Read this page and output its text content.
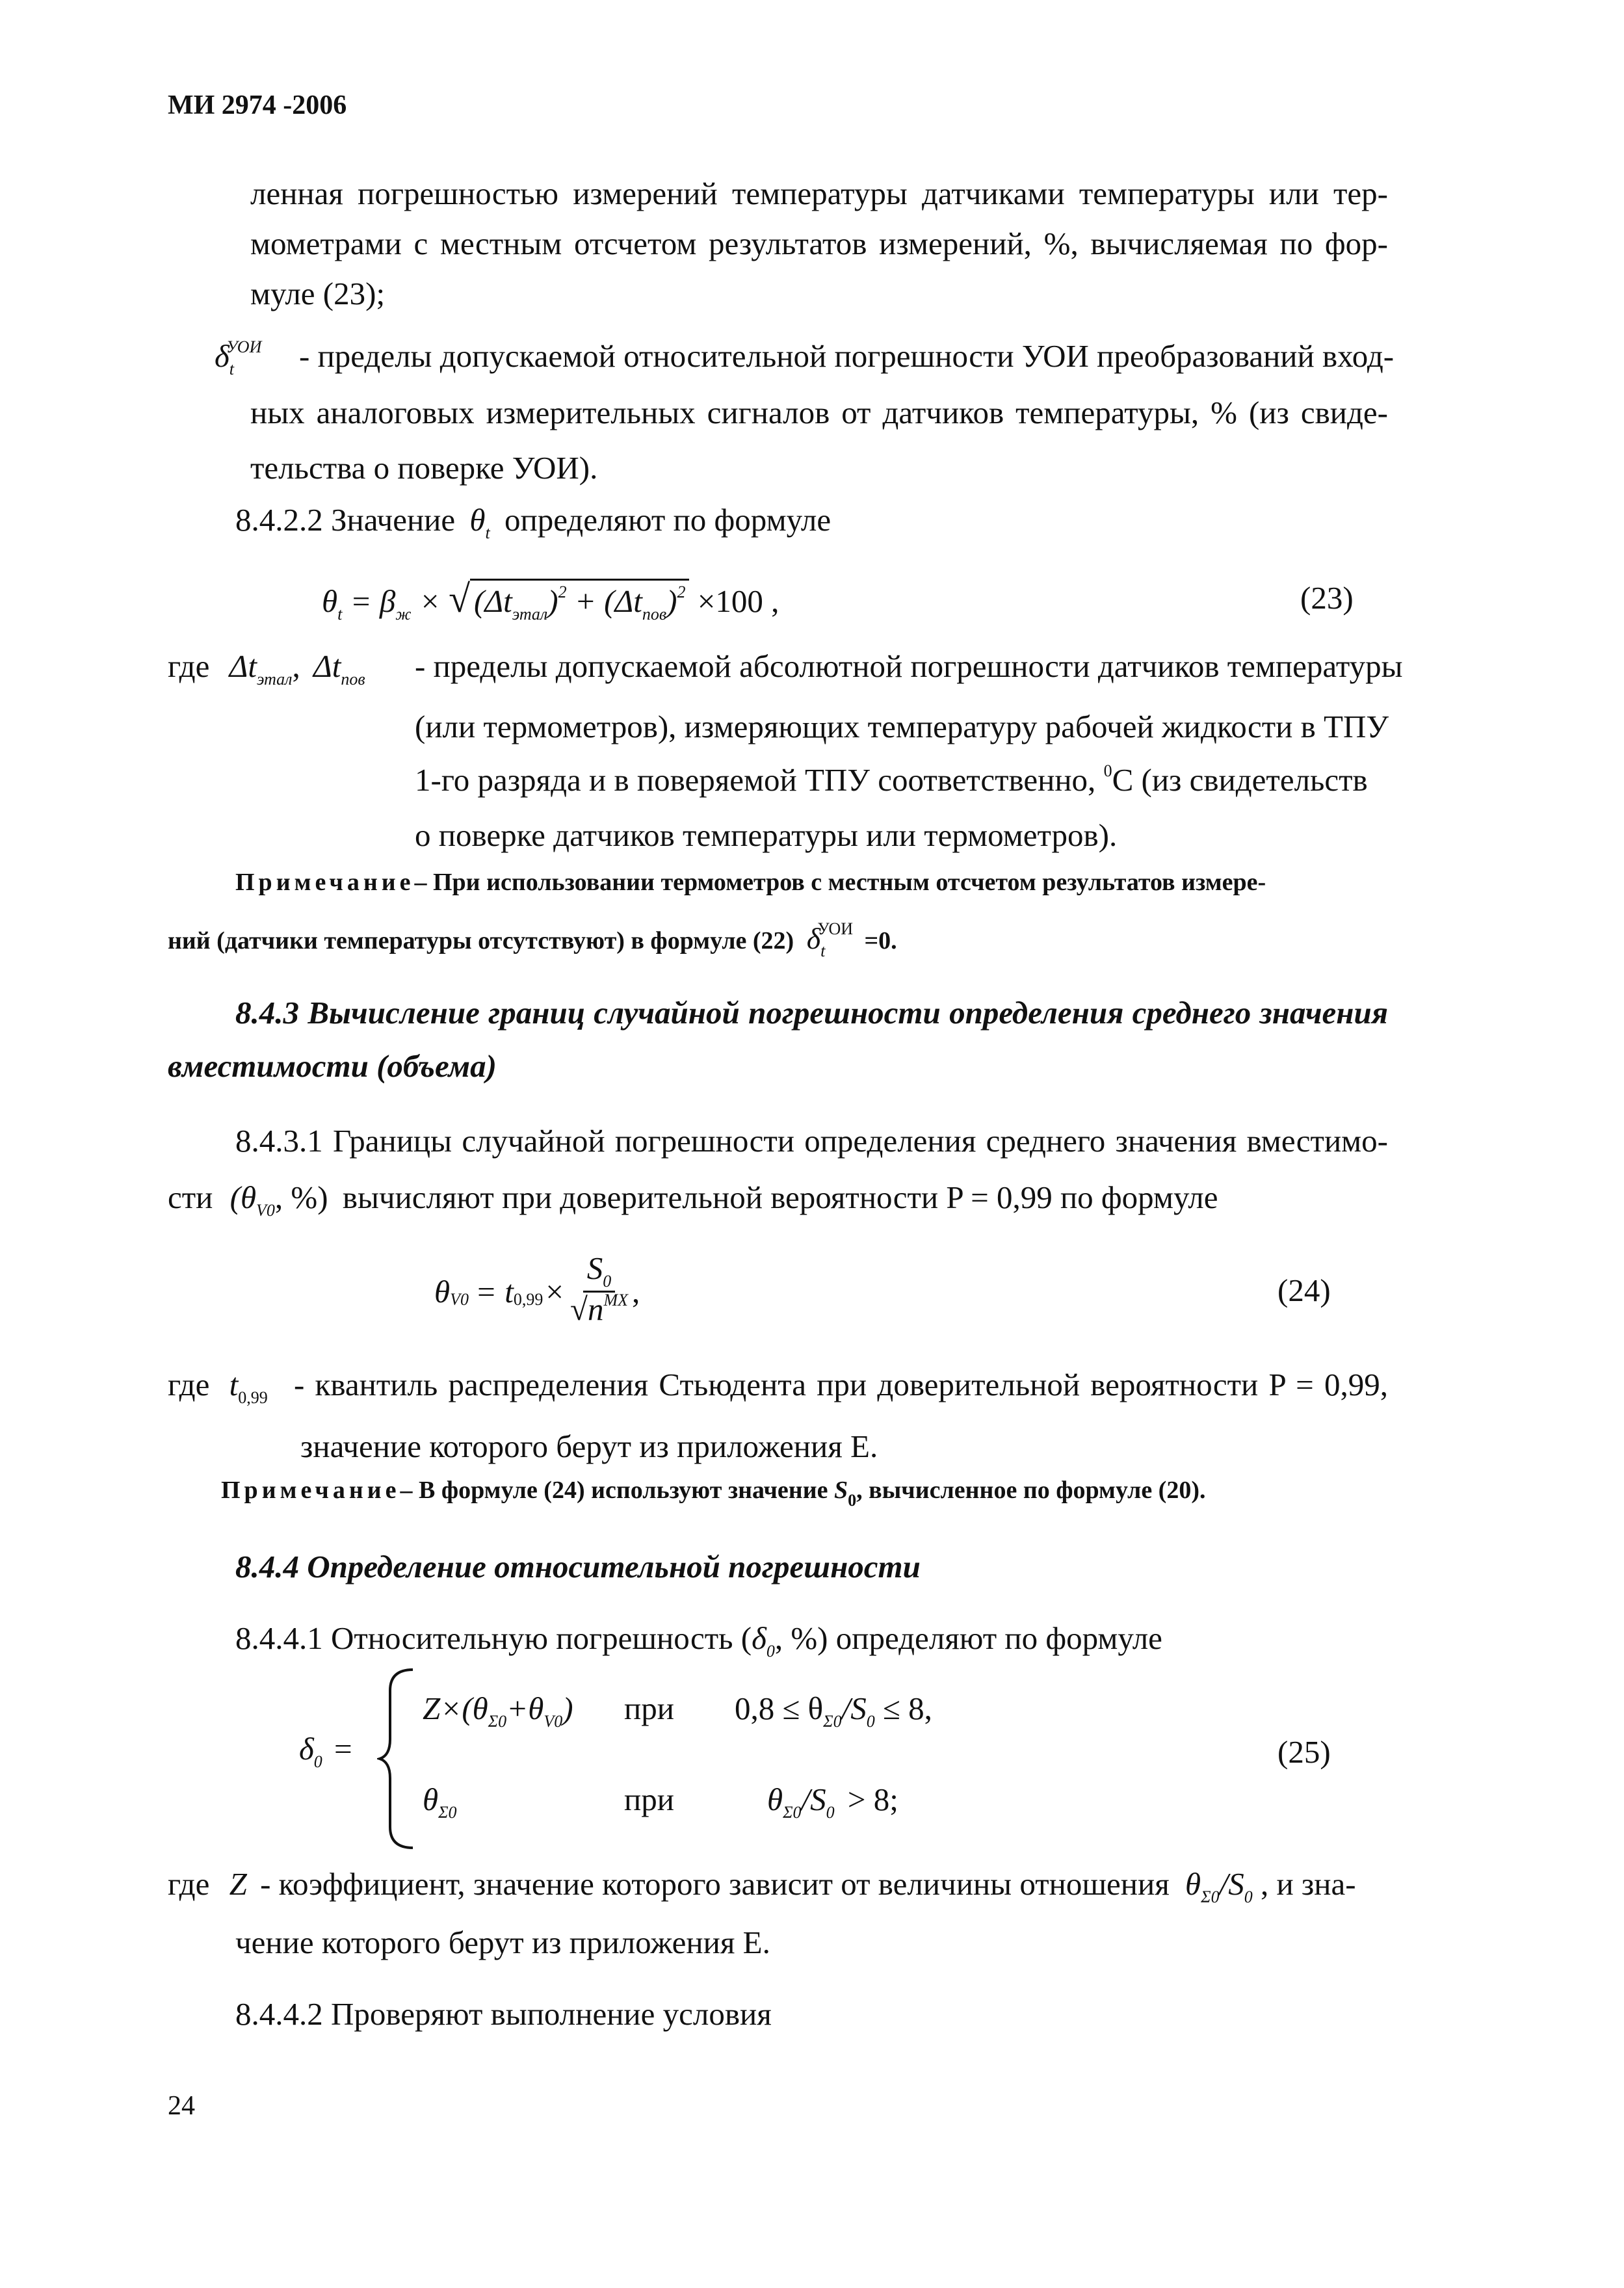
МИ 2974 -2006
ленная погрешностью измерений температуры датчиками температуры или тер-
мометрами с местным отсчетом результатов измерений, %, вычисляемая по фор-
муле (23);
$\delta_t^{УОИ}$ - пределы допускаемой относительной погрешности УОИ преобразований вход-
ных аналоговых измерительных сигналов от датчиков температуры, % (из свиде-
тельства о поверке УОИ).
8.4.2.2 Значение $\theta_t$ определяют по формуле
$\theta_t = \beta_ж$ × √ $(\Delta t_{этал})^2 + (\Delta t_{пов})^2 \times 100$ ,	(23)
где $\Delta t_{этал}$, $\Delta t_{пов}$ - пределы допускаемой абсолютной погрешности датчиков температуры
(или термометров), измеряющих температуру рабочей жидкости в ТПУ
1-го разряда и в поверяемой ТПУ соответственно, $^0$С (из свидетельств
о поверке датчиков температуры или термометров).
Примечание– При использовании термометров с местным отсчетом результатов измере-
ний (датчики температуры отсутствуют) в формуле (22) $\delta_t^{УОИ} =0$.
8.4.3 Вычисление границ случайной погрешности определения среднего значения
вместимости (объема)
8.4.3.1 Границы случайной погрешности определения среднего значения вместимо-
сти ($\theta_{V0}$, %) вычисляют при доверительной вероятности P = 0,99 по формуле
θ V0 = t $0,99 \times \frac{S_0}{√n^{MX}}$ ,	(24)
где $t_{0,99}$ - квантиль распределения Стьюдента при доверительной вероятности P = 0,99,
значение которого берут из приложения Е.
Примечание– В формуле (24) используют значение $S_0$, вычисленное по формуле (20).
8.4.4 Определение относительной погрешности
8.4.4.1 Относительную погрешность ($\delta_0$, %) определяют по формуле
$\delta_0$ =
$Z\times(\theta_{\Sigma 0}+\theta_{V0})$ при $0,8 \le \theta_{\Sigma 0}/S_0 \le 8$,
$\theta_{\Sigma 0}$	при	$\theta_{\Sigma 0}/S_0 > 8$;
(25)
где Z - коэффициент, значение которого зависит от величины отношения $\theta_{\Sigma 0}/S_0$ , и зна-
чение которого берут из приложения Е.
8.4.4.2 Проверяют выполнение условия
24
